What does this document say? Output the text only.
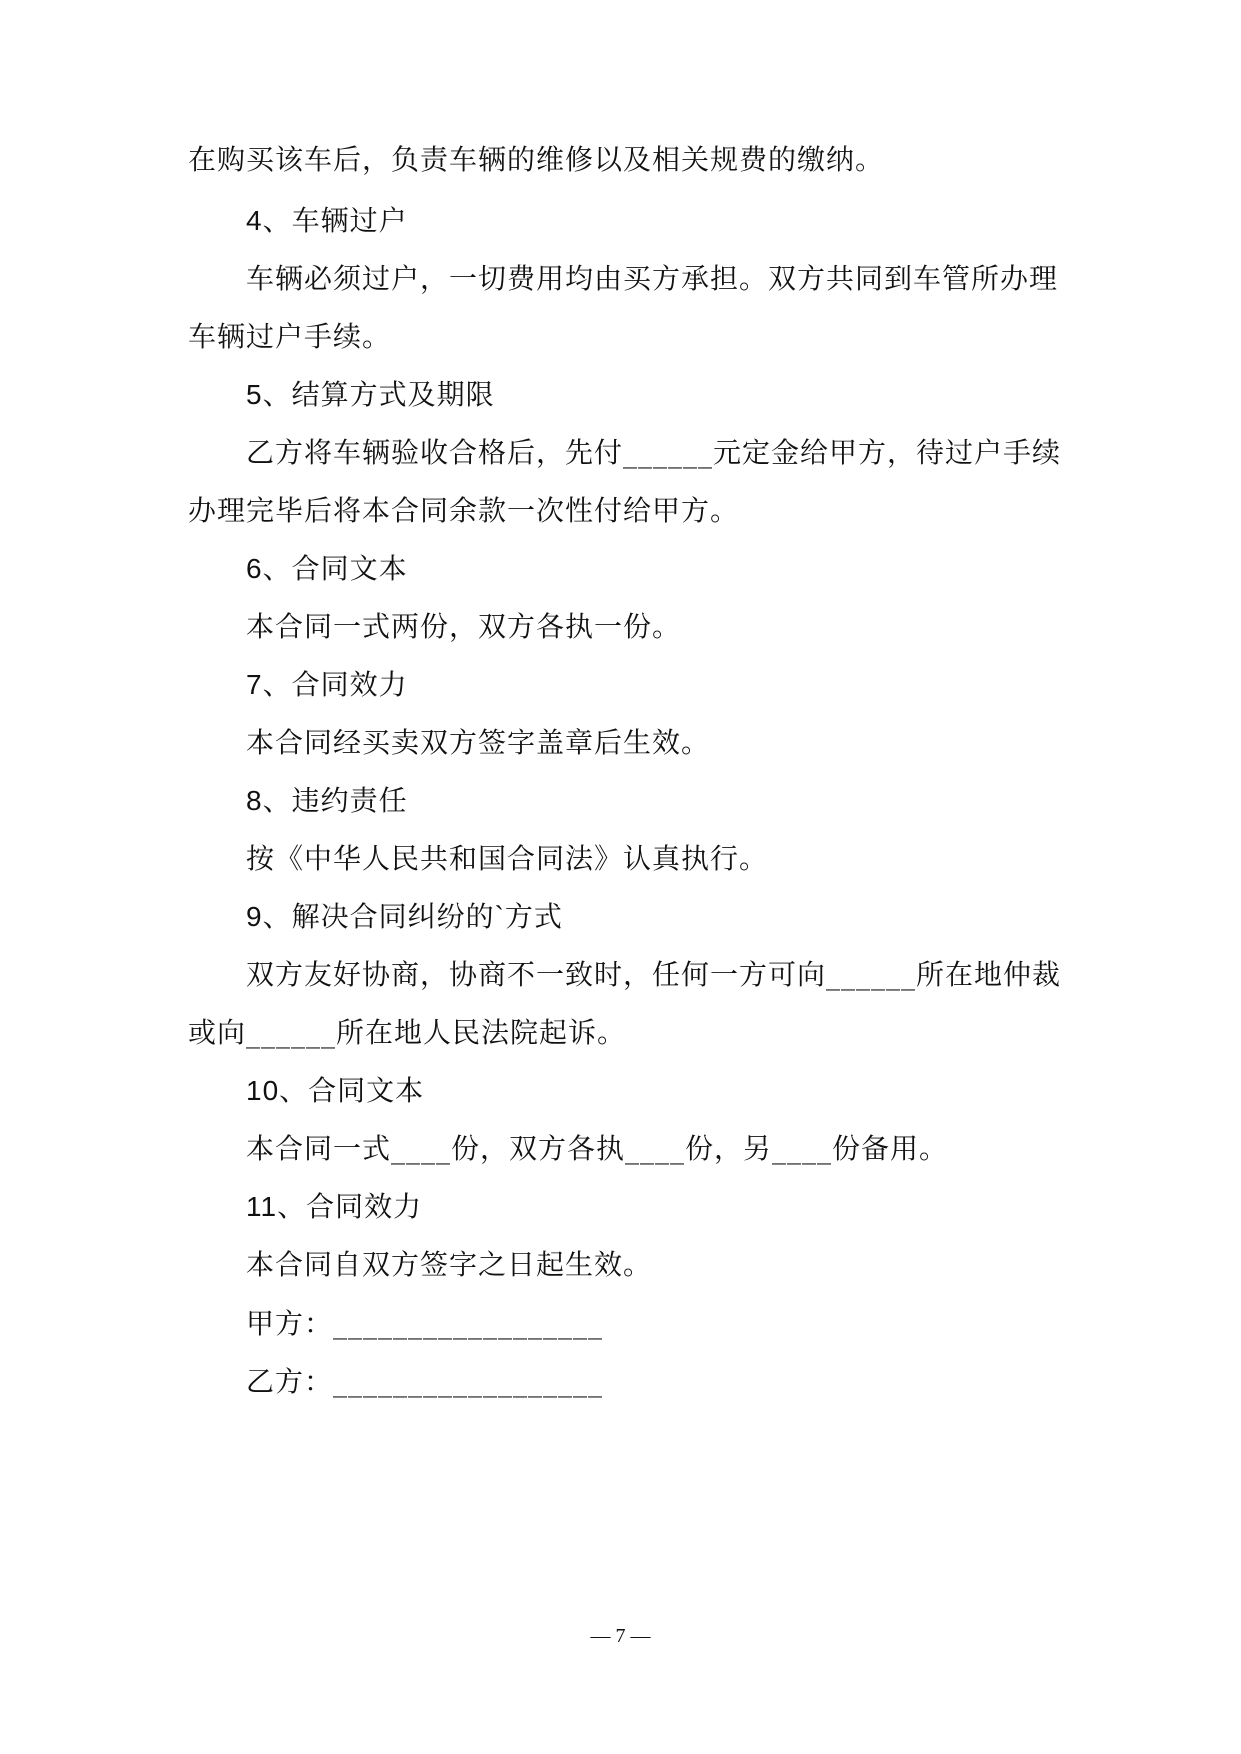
在购买该车后，负责车辆的维修以及相关规费的缴纳。
4、车辆过户
车辆必须过户，一切费用均由买方承担。双方共同到车管所办理
车辆过户手续。
5、结算方式及期限
乙方将车辆验收合格后，先付______元定金给甲方，待过户手续
办理完毕后将本合同余款一次性付给甲方。
6、合同文本
本合同一式两份，双方各执一份。
7、合同效力
本合同经买卖双方签字盖章后生效。
8、违约责任
按《中华人民共和国合同法》认真执行。
9、解决合同纠纷的`方式
双方友好协商，协商不一致时，任何一方可向______所在地仲裁
或向______所在地人民法院起诉。
10、合同文本
本合同一式____份，双方各执____份，另____份备用。
11、合同效力
本合同自双方签字之日起生效。
甲方：__________________
乙方：__________________
— 7 —
